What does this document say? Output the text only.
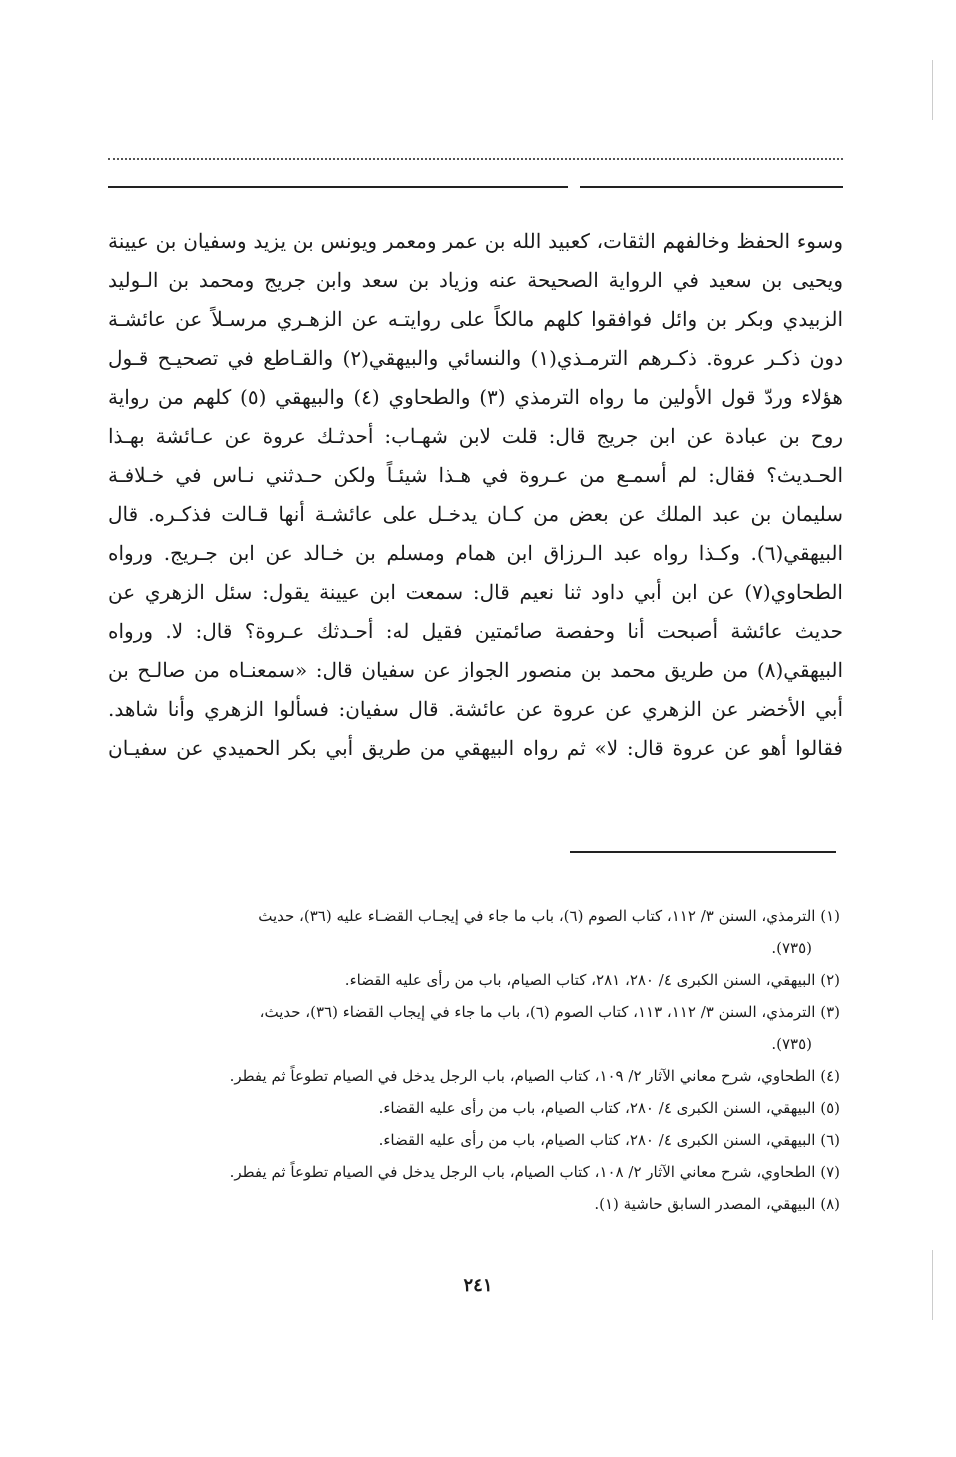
وسوء الحفظ وخالفهم الثقات، كعبيد الله بن عمر ومعمر ويونس بن يزيد وسفيان بن عيينة
ويحيى بن سعيد في الرواية الصحيحة عنه وزياد بن سعد وابن جريج ومحمد بن الـوليد
الزبيدي وبكر بن وائل فوافقوا كلهم مالكاً على روايتـه عن الزهـري مرسـلاً عن عائشـة
دون ذكـر عروة. ذكـرهم الترمـذي(١) والنسائي والبيهقي(٢) والقـاطع في تصحيـح قـول
هؤلاء وردّ قول الأولين ما رواه الترمذي (٣) والطحاوي (٤) والبيهقي (٥) كلهم من رواية
روح بن عبادة عن ابن جريج قال: قلت لابن شهـاب: أحدثـك عروة عن عـائشة بهـذا
الحـديث؟ فقال: لم أسمـع من عـروة في هـذا شيئـاً ولكن حـدثني نـاس في خـلافـة
سليمان بن عبد الملك عن بعض من كـان يدخـل على عائشـة أنها قـالت فذكـره. قال
البيهقي(٦). وكـذا رواه عبد الـرزاق ابن همام ومسلم بن خـالد عن ابن جـريج. ورواه
الطحاوي(٧) عن ابن أبي داود ثنا نعيم قال: سمعت ابن عيينة يقول: سئل الزهري عن
حديث عائشة أصبحت أنا وحفصة صائمتين فقيل له: أحـدثك عـروة؟ قال: لا. ورواه
البيهقي(٨) من طريق محمد بن منصور الجواز عن سفيان قال: «سمعنـاه من صالـح بن
أبي الأخضر عن الزهري عن عروة عن عائشة. قال سفيان: فسألوا الزهري وأنا شاهد.
فقالوا أهو عن عروة قال: لا» ثم رواه البيهقي من طريق أبي بكر الحميدي عن سفيـان
(١) الترمذي، السنن ٣/ ١١٢، كتاب الصوم (٦)، باب ما جاء في إيجـاب القضـاء عليه (٣٦)، حديث
(٧٣٥).
(٢) البيهقي، السنن الكبرى ٤/ ٢٨٠، ٢٨١، كتاب الصيام، باب من رأى عليه القضاء.
(٣) الترمذي، السنن ٣/ ١١٢، ١١٣، كتاب الصوم (٦)، باب ما جاء في إيجاب القضاء (٣٦)، حديث،
(٧٣٥).
(٤) الطحاوي، شرح معاني الآثار ٢/ ١٠٩، كتاب الصيام، باب الرجل يدخل في الصيام تطوعاً ثم يفطر.
(٥) البيهقي، السنن الكبرى ٤/ ٢٨٠، كتاب الصيام، باب من رأى عليه القضاء.
(٦) البيهقي، السنن الكبرى ٤/ ٢٨٠، كتاب الصيام، باب من رأى عليه القضاء.
(٧) الطحاوي، شرح معاني الآثار ٢/ ١٠٨، كتاب الصيام، باب الرجل يدخل في الصيام تطوعاً ثم يفطر.
(٨) البيهقي، المصدر السابق حاشية (١).
٢٤١
